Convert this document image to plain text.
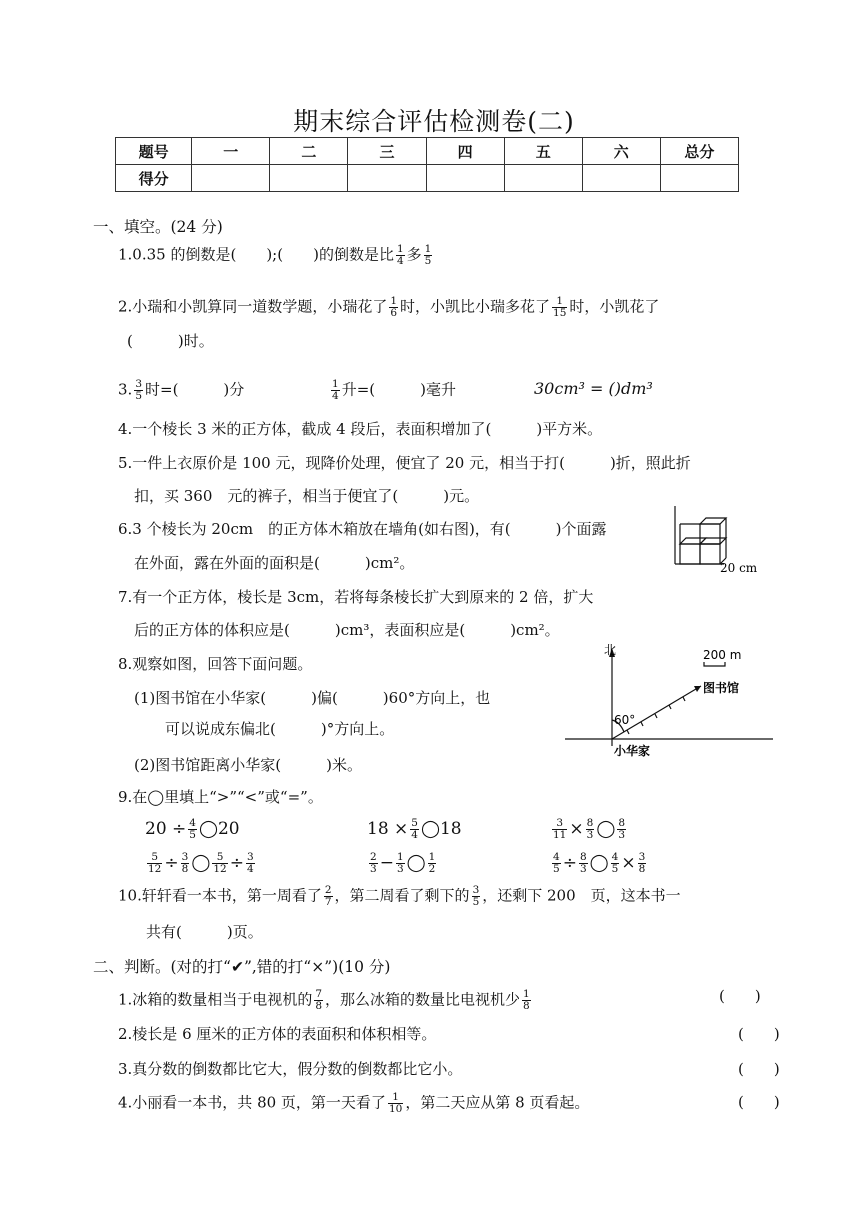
期末综合评估检测卷(二)
题号	一	二	三	四	五	六	总分
得分							
一、填空。(24 分)
1.0.35 的倒数是(　　);(　　)的倒数是比 $\frac{1}{4}$ 多 $\frac{1}{5}$
2.小瑞和小凯算同一道数学题，小瑞花了 $\frac{1}{6}$ 时，小凯比小瑞多花了 $\frac{1}{15}$ 时，小凯花了
(　　　)时。
3. $\frac{3}{5}$ 时=(　　　)分	$\frac{1}{4}$ 升=(　　　)毫升	30cm³ = ()dm³
4.一个棱长 3 米的正方体，截成 4 段后，表面积增加了(　　　)平方米。
5.一件上衣原价是 100 元，现降价处理，便宜了 20 元，相当于打(　　　)折，照此折
扣，买 360　元的裤子，相当于便宜了(　　　)元。
6.3 个棱长为 20cm　的正方体木箱放在墙角(如右图)，有(　　　)个面露
在外面，露在外面的面积是(　　　)cm²。	20 cm
7.有一个正方体，棱长是 3cm，若将每条棱长扩大到原来的 2 倍，扩大
后的正方体的体积应是(　　　)cm³，表面积应是(　　　)cm²。
8.观察如图，回答下面问题。
(1)图书馆在小华家(　　　)偏(　　　)60°方向上，也
可以说成东偏北(　　　)°方向上。
(2)图书馆距离小华家(　　　)米。
北	200 m
图书馆
60°
小华家
9.在◯里填上“>”“<”或“=”。
$20 \div \frac{4}{5}$ ◯20	$18 \times \frac{5}{4}$ ◯18	$\frac{3}{11} \times \frac{8}{3}$ ◯ $\frac{8}{3}$
$\frac{5}{12} \div \frac{3}{8}$ ◯ $\frac{5}{12} \div \frac{3}{4}$	$\frac{2}{3} - \frac{1}{3}$ ◯ $\frac{1}{2}$	$\frac{4}{5} \div \frac{8}{3}$ ◯ $\frac{4}{5} \times \frac{3}{8}$
10.轩轩看一本书，第一周看了 $\frac{2}{7}$ ，第二周看了剩下的 $\frac{3}{5}$ ，还剩下 200　页，这本书一
共有(　　　)页。
二、判断。(对的打“✔”,错的打“×”)(10 分)
1.冰箱的数量相当于电视机的 $\frac{7}{8}$ ，那么冰箱的数量比电视机少 $\frac{1}{8}$	(　　)
2.棱长是 6 厘米的正方体的表面积和体积相等。	(　　)
3.真分数的倒数都比它大，假分数的倒数都比它小。	(　　)
4.小丽看一本书，共 80 页，第一天看了 $\frac{1}{10}$ ，第二天应从第 8 页看起。	(　　)
